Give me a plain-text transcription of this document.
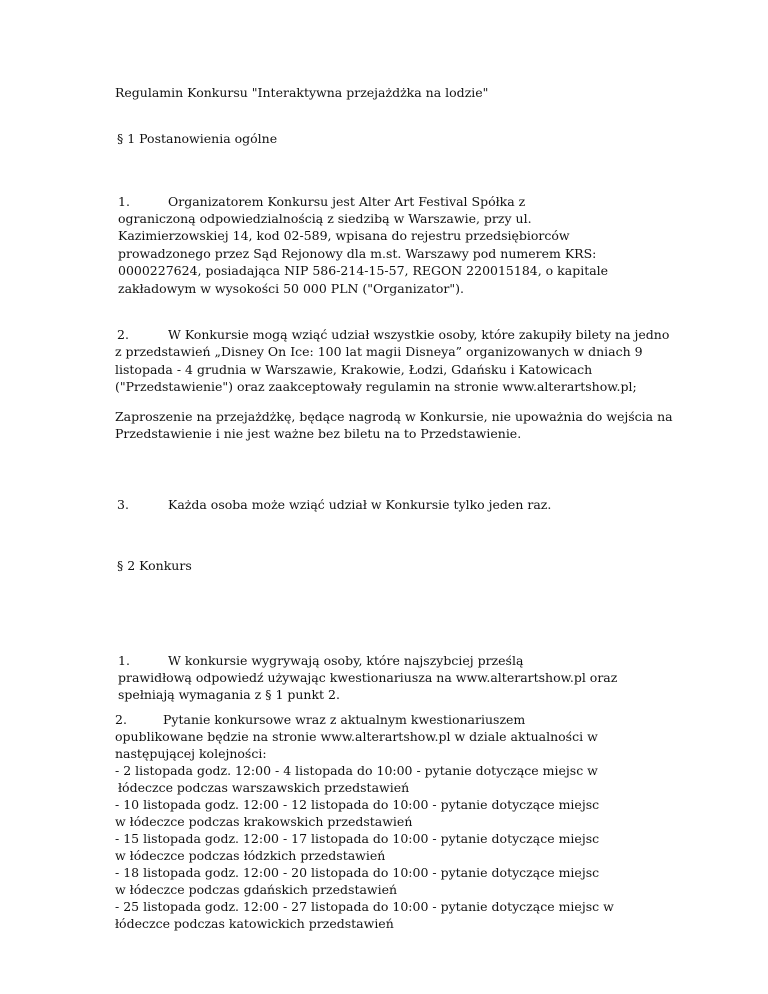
Regulamin Konkursu "Interaktywna przejażdżka na lodzie"

§ 1 Postanowienia ogólne

1.	Organizatorem Konkursu jest Alter Art Festival Spółka z

ograniczoną odpowiedzialnością z siedzibą w Warszawie, przy ul.

Kazimierzowskiej 14, kod 02-589, wpisana do rejestru przedsiębiorców

prowadzonego przez Sąd Rejonowy dla m.st. Warszawy pod numerem KRS:

0000227624, posiadająca NIP 586-214-15-57, REGON 220015184, o kapitale

zakładowym w wysokości 50 000 PLN ("Organizator").

2.	W Konkursie mogą wziąć udział wszystkie osoby, które zakupiły bilety na jedno

z przedstawień „Disney On Ice: 100 lat magii Disneya” organizowanych w dniach 9

listopada - 4 grudnia w Warszawie, Krakowie, Łodzi, Gdańsku i Katowicach

("Przedstawienie") oraz zaakceptowały regulamin na stronie www.alterartshow.pl;

Zaproszenie na przejażdżkę, będące nagrodą w Konkursie, nie upoważnia do wejścia na

Przedstawienie i nie jest ważne bez biletu na to Przedstawienie.

3.	Każda osoba może wziąć udział w Konkursie tylko jeden raz.

§ 2 Konkurs

1.	W konkursie wygrywają osoby, które najszybciej prześlą

prawidłową odpowiedź używając kwestionariusza na www.alterartshow.pl oraz

spełniają wymagania z § 1 punkt 2.

2.	Pytanie konkursowe wraz z aktualnym kwestionariuszem

opublikowane będzie na stronie www.alterartshow.pl w dziale aktualności w

następującej kolejności:

- 2 listopada godz. 12:00 - 4 listopada do 10:00 - pytanie dotyczące miejsc w

łódeczce podczas warszawskich przedstawień

- 10 listopada godz. 12:00 - 12 listopada do 10:00 - pytanie dotyczące miejsc

w łódeczce podczas krakowskich przedstawień

- 15 listopada godz. 12:00 - 17 listopada do 10:00 - pytanie dotyczące miejsc

w łódeczce podczas łódzkich przedstawień

- 18 listopada godz. 12:00 - 20 listopada do 10:00 - pytanie dotyczące miejsc

w łódeczce podczas gdańskich przedstawień

- 25 listopada godz. 12:00 - 27 listopada do 10:00 - pytanie dotyczące miejsc w

łódeczce podczas katowickich przedstawień
